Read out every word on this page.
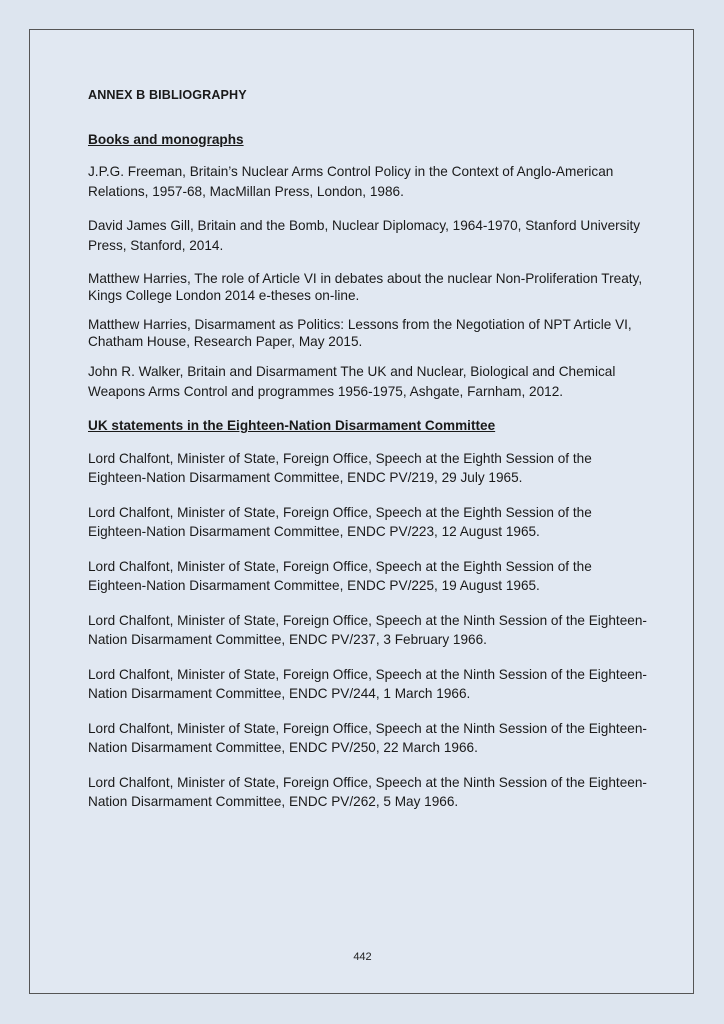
ANNEX B BIBLIOGRAPHY
Books and monographs
J.P.G. Freeman, Britain’s Nuclear Arms Control Policy in the Context of Anglo-American Relations, 1957-68, MacMillan Press, London, 1986.
David James Gill, Britain and the Bomb, Nuclear Diplomacy, 1964-1970, Stanford University Press, Stanford, 2014.
Matthew Harries, The role of Article VI in debates about the nuclear Non-Proliferation Treaty, Kings College London 2014 e-theses on-line.
Matthew Harries, Disarmament as Politics: Lessons from the Negotiation of NPT Article VI, Chatham House, Research Paper, May 2015.
John R. Walker, Britain and Disarmament The UK and Nuclear, Biological and Chemical Weapons Arms Control and programmes 1956-1975, Ashgate, Farnham, 2012.
UK statements in the Eighteen-Nation Disarmament Committee
Lord Chalfont, Minister of State, Foreign Office, Speech at the Eighth Session of the Eighteen-Nation Disarmament Committee, ENDC PV/219, 29 July 1965.
Lord Chalfont, Minister of State, Foreign Office, Speech at the Eighth Session of the Eighteen-Nation Disarmament Committee, ENDC PV/223, 12 August 1965.
Lord Chalfont, Minister of State, Foreign Office, Speech at the Eighth Session of the Eighteen-Nation Disarmament Committee, ENDC PV/225, 19 August 1965.
Lord Chalfont, Minister of State, Foreign Office, Speech at the Ninth Session of the Eighteen-Nation Disarmament Committee, ENDC PV/237, 3 February 1966.
Lord Chalfont, Minister of State, Foreign Office, Speech at the Ninth Session of the Eighteen-Nation Disarmament Committee, ENDC PV/244, 1 March 1966.
Lord Chalfont, Minister of State, Foreign Office, Speech at the Ninth Session of the Eighteen-Nation Disarmament Committee, ENDC PV/250, 22 March 1966.
Lord Chalfont, Minister of State, Foreign Office, Speech at the Ninth Session of the Eighteen-Nation Disarmament Committee, ENDC PV/262, 5 May 1966.
442
